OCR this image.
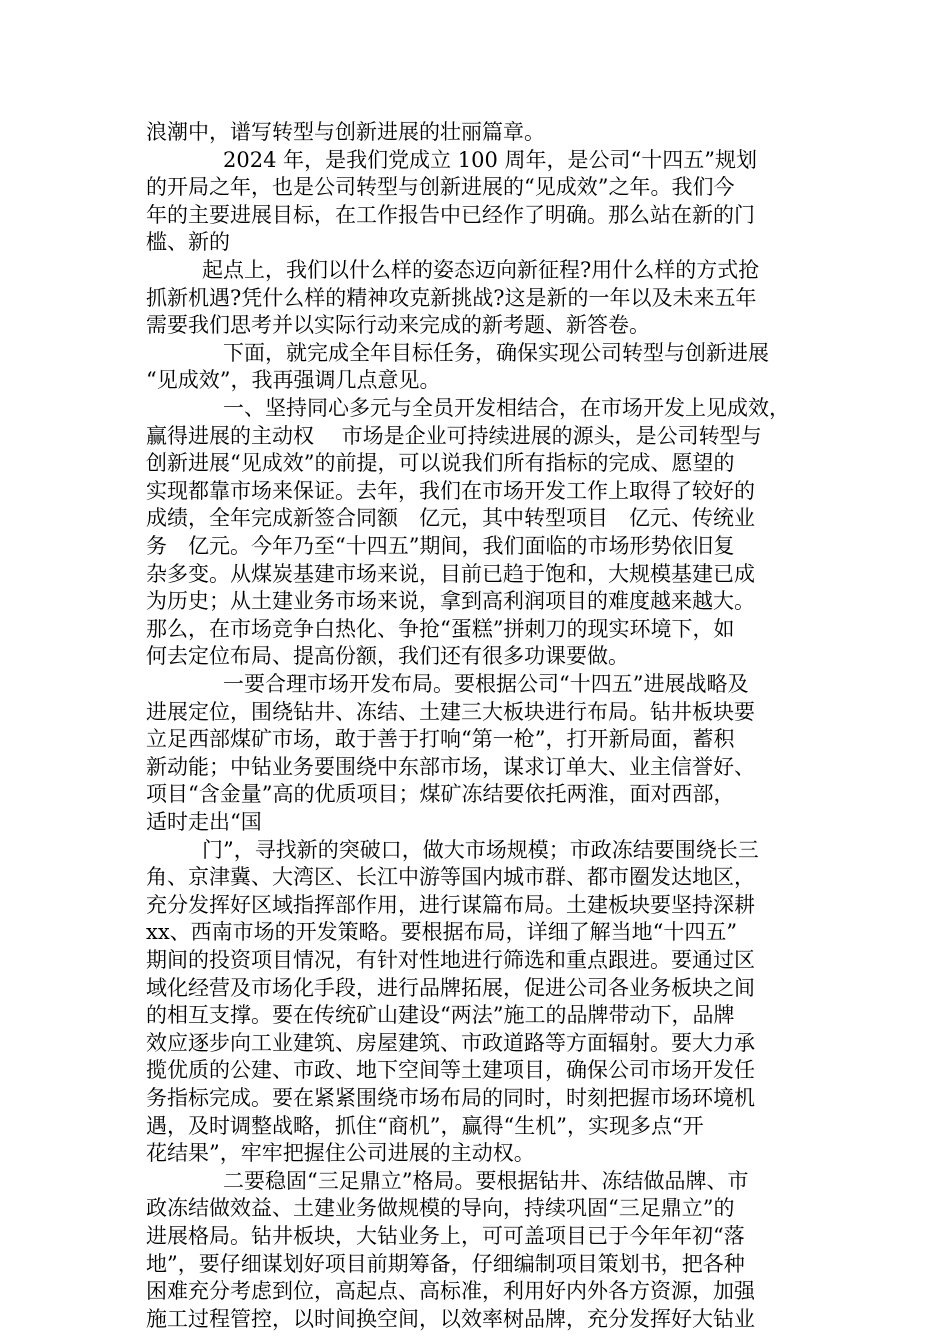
浪潮中，谱写转型与创新进展的壮丽篇章。

2024 年，是我们党成立 100 周年，是公司“十四五”规划

的开局之年，也是公司转型与创新进展的“见成效”之年。我们今

年的主要进展目标，在工作报告中已经作了明确。那么站在新的门

槛、新的

起点上，我们以什么样的姿态迈向新征程?用什么样的方式抢

抓新机遇?凭什么样的精神攻克新挑战?这是新的一年以及未来五年

需要我们思考并以实际行动来完成的新考题、新答卷。

下面，就完成全年目标任务，确保实现公司转型与创新进展

“见成效”，我再强调几点意见。

一、坚持同心多元与全员开发相结合，在市场开发上见成效，

赢得进展的主动权　 市场是企业可持续进展的源头，是公司转型与

创新进展“见成效”的前提，可以说我们所有指标的完成、愿望的

实现都靠市场来保证。去年，我们在市场开发工作上取得了较好的

成绩，全年完成新签合同额　亿元，其中转型项目　亿元、传统业

务　亿元。今年乃至“十四五”期间，我们面临的市场形势依旧复

杂多变。从煤炭基建市场来说，目前已趋于饱和，大规模基建已成

为历史；从土建业务市场来说，拿到高利润项目的难度越来越大。

那么，在市场竞争白热化、争抢“蛋糕”拼刺刀的现实环境下，如

何去定位布局、提高份额，我们还有很多功课要做。

一要合理市场开发布局。要根据公司“十四五”进展战略及

进展定位，围绕钻井、冻结、土建三大板块进行布局。钻井板块要

立足西部煤矿市场，敢于善于打响“第一枪”，打开新局面，蓄积

新动能；中钻业务要围绕中东部市场，谋求订单大、业主信誉好、

项目“含金量”高的优质项目；煤矿冻结要依托两淮，面对西部，

适时走出“国

门”，寻找新的突破口，做大市场规模；市政冻结要围绕长三

角、京津冀、大湾区、长江中游等国内城市群、都市圈发达地区，

充分发挥好区域指挥部作用，进行谋篇布局。土建板块要坚持深耕

xx、西南市场的开发策略。要根据布局，详细了解当地“十四五”

期间的投资项目情况，有针对性地进行筛选和重点跟进。要通过区

域化经营及市场化手段，进行品牌拓展，促进公司各业务板块之间

的相互支撑。要在传统矿山建设“两法”施工的品牌带动下，品牌

效应逐步向工业建筑、房屋建筑、市政道路等方面辐射。要大力承

揽优质的公建、市政、地下空间等土建项目，确保公司市场开发任

务指标完成。要在紧紧围绕市场布局的同时，时刻把握市场环境机

遇，及时调整战略，抓住“商机”，赢得“生机”，实现多点“开

花结果”，牢牢把握住公司进展的主动权。

二要稳固“三足鼎立”格局。要根据钻井、冻结做品牌、市

政冻结做效益、土建业务做规模的导向，持续巩固“三足鼎立”的

进展格局。钻井板块，大钻业务上，可可盖项目已于今年年初“落

地”，要仔细谋划好项目前期筹备，仔细编制项目策划书，把各种

困难充分考虑到位，高起点、高标准，利用好内外各方资源，加强

施工过程管控，以时间换空间，以效率树品牌，充分发挥好大钻业
